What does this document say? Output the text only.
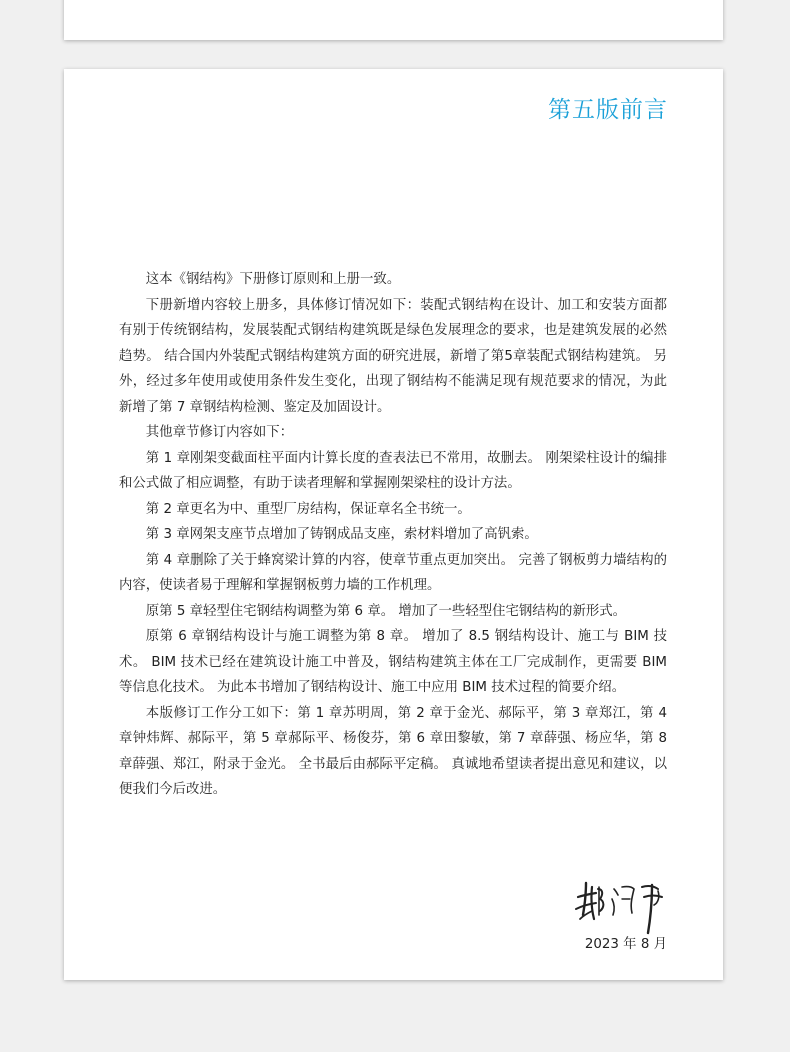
第五版前言

这本《钢结构》下册修订原则和上册一致。

下册新增内容较上册多，具体修订情况如下：装配式钢结构在设计、加工和安装方面都有别于传统钢结构，发展装配式钢结构建筑既是绿色发展理念的要求，也是建筑发展的必然趋势。 结合国内外装配式钢结构建筑方面的研究进展，新增了第5章装配式钢结构建筑。 另外，经过多年使用或使用条件发生变化，出现了钢结构不能满足现有规范要求的情况，为此新增了第 7 章钢结构检测、鉴定及加固设计。

其他章节修订内容如下：

第 1 章刚架变截面柱平面内计算长度的查表法已不常用，故删去。 刚架梁柱设计的编排和公式做了相应调整，有助于读者理解和掌握刚架梁柱的设计方法。

第 2 章更名为中、重型厂房结构，保证章名全书统一。

第 3 章网架支座节点增加了铸钢成品支座，索材料增加了高钒索。

第 4 章删除了关于蜂窝梁计算的内容，使章节重点更加突出。 完善了钢板剪力墙结构的内容，使读者易于理解和掌握钢板剪力墙的工作机理。

原第 5 章轻型住宅钢结构调整为第 6 章。 增加了一些轻型住宅钢结构的新形式。

原第 6 章钢结构设计与施工调整为第 8 章。 增加了 8.5 钢结构设计、施工与 BIM 技术。 BIM 技术已经在建筑设计施工中普及，钢结构建筑主体在工厂完成制作，更需要 BIM 等信息化技术。 为此本书增加了钢结构设计、施工中应用 BIM 技术过程的简要介绍。

本版修订工作分工如下：第 1 章苏明周，第 2 章于金光、郝际平，第 3 章郑江，第 4 章钟炜辉、郝际平，第 5 章郝际平、杨俊芬，第 6 章田黎敏，第 7 章薛强、杨应华，第 8 章薛强、郑江，附录于金光。 全书最后由郝际平定稿。 真诚地希望读者提出意见和建议，以便我们今后改进。

2023 年 8 月
